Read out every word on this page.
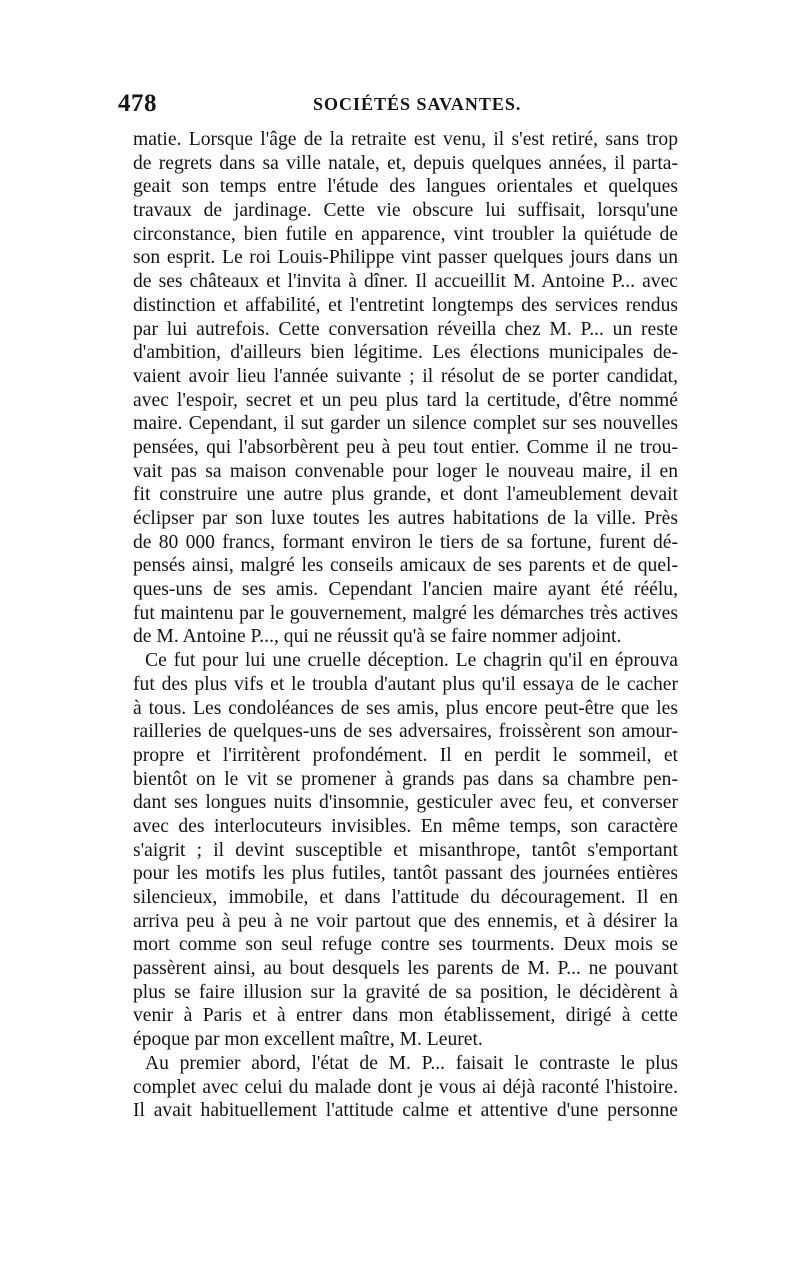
478	SOCIÉTÉS SAVANTES.
matie. Lorsque l'âge de la retraite est venu, il s'est retiré, sans trop
de regrets dans sa ville natale, et, depuis quelques années, il parta-
geait son temps entre l'étude des langues orientales et quelques
travaux de jardinage. Cette vie obscure lui suffisait, lorsqu'une
circonstance, bien futile en apparence, vint troubler la quiétude de
son esprit. Le roi Louis-Philippe vint passer quelques jours dans un
de ses châteaux et l'invita à dîner. Il accueillit M. Antoine P... avec
distinction et affabilité, et l'entretint longtemps des services rendus
par lui autrefois. Cette conversation réveilla chez M. P... un reste
d'ambition, d'ailleurs bien légitime. Les élections municipales de-
vaient avoir lieu l'année suivante ; il résolut de se porter candidat,
avec l'espoir, secret et un peu plus tard la certitude, d'être nommé
maire. Cependant, il sut garder un silence complet sur ses nouvelles
pensées, qui l'absorbèrent peu à peu tout entier. Comme il ne trou-
vait pas sa maison convenable pour loger le nouveau maire, il en
fit construire une autre plus grande, et dont l'ameublement devait
éclipser par son luxe toutes les autres habitations de la ville. Près
de 80 000 francs, formant environ le tiers de sa fortune, furent dé-
pensés ainsi, malgré les conseils amicaux de ses parents et de quel-
ques-uns de ses amis. Cependant l'ancien maire ayant été réélu,
fut maintenu par le gouvernement, malgré les démarches très actives
de M. Antoine P..., qui ne réussit qu'à se faire nommer adjoint.
Ce fut pour lui une cruelle déception. Le chagrin qu'il en éprouva
fut des plus vifs et le troubla d'autant plus qu'il essaya de le cacher
à tous. Les condoléances de ses amis, plus encore peut-être que les
railleries de quelques-uns de ses adversaires, froissèrent son amour-
propre et l'irritèrent profondément. Il en perdit le sommeil, et
bientôt on le vit se promener à grands pas dans sa chambre pen-
dant ses longues nuits d'insomnie, gesticuler avec feu, et converser
avec des interlocuteurs invisibles. En même temps, son caractère
s'aigrit ; il devint susceptible et misanthrope, tantôt s'emportant
pour les motifs les plus futiles, tantôt passant des journées entières
silencieux, immobile, et dans l'attitude du découragement. Il en
arriva peu à peu à ne voir partout que des ennemis, et à désirer la
mort comme son seul refuge contre ses tourments. Deux mois se
passèrent ainsi, au bout desquels les parents de M. P... ne pouvant
plus se faire illusion sur la gravité de sa position, le décidèrent à
venir à Paris et à entrer dans mon établissement, dirigé à cette
époque par mon excellent maître, M. Leuret.
Au premier abord, l'état de M. P... faisait le contraste le plus
complet avec celui du malade dont je vous ai déjà raconté l'histoire.
Il avait habituellement l'attitude calme et attentive d'une personne
